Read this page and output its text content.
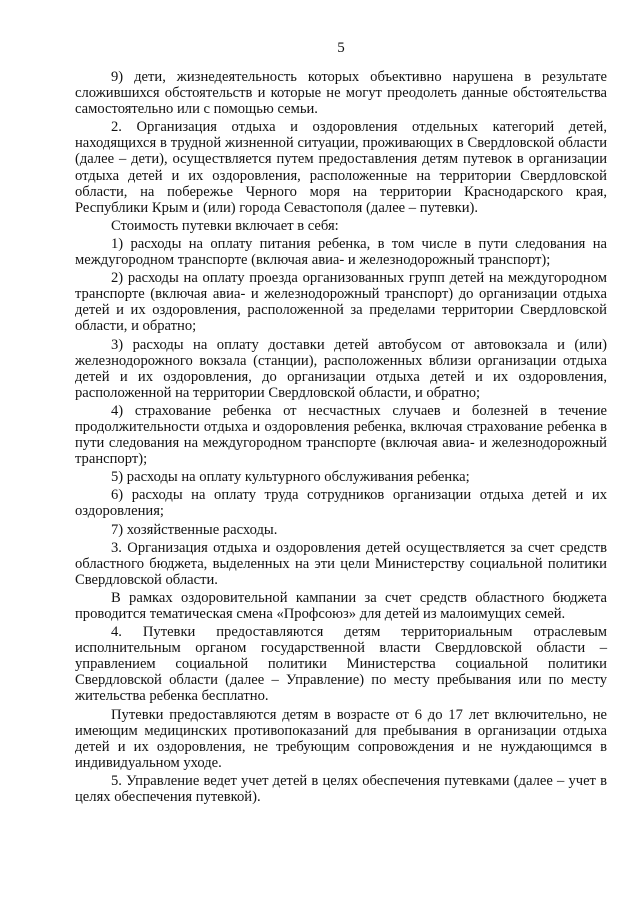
5

9) дети, жизнедеятельность которых объективно нарушена в результате сложившихся обстоятельств и которые не могут преодолеть данные обстоятельства самостоятельно или с помощью семьи.

2. Организация отдыха и оздоровления отдельных категорий детей, находящихся в трудной жизненной ситуации, проживающих в Свердловской области (далее – дети), осуществляется путем предоставления детям путевок в организации отдыха детей и их оздоровления, расположенные на территории Свердловской области, на побережье Черного моря на территории Краснодарского края, Республики Крым и (или) города Севастополя (далее – путевки).

Стоимость путевки включает в себя:

1) расходы на оплату питания ребенка, в том числе в пути следования на междугородном транспорте (включая авиа- и железнодорожный транспорт);

2) расходы на оплату проезда организованных групп детей на междугородном транспорте (включая авиа- и железнодорожный транспорт) до организации отдыха детей и их оздоровления, расположенной за пределами территории Свердловской области, и обратно;

3) расходы на оплату доставки детей автобусом от автовокзала и (или) железнодорожного вокзала (станции), расположенных вблизи организации отдыха детей и их оздоровления, до организации отдыха детей и их оздоровления, расположенной на территории Свердловской области, и обратно;

4) страхование ребенка от несчастных случаев и болезней в течение продолжительности отдыха и оздоровления ребенка, включая страхование ребенка в пути следования на междугородном транспорте (включая авиа- и железнодорожный транспорт);

5) расходы на оплату культурного обслуживания ребенка;

6) расходы на оплату труда сотрудников организации отдыха детей и их оздоровления;

7) хозяйственные расходы.

3. Организация отдыха и оздоровления детей осуществляется за счет средств областного бюджета, выделенных на эти цели Министерству социальной политики Свердловской области.

В рамках оздоровительной кампании за счет средств областного бюджета проводится тематическая смена «Профсоюз» для детей из малоимущих семей.

4. Путевки предоставляются детям территориальным отраслевым исполнительным органом государственной власти Свердловской области – управлением социальной политики Министерства социальной политики Свердловской области (далее – Управление) по месту пребывания или по месту жительства ребенка бесплатно.

Путевки предоставляются детям в возрасте от 6 до 17 лет включительно, не имеющим медицинских противопоказаний для пребывания в организации отдыха детей и их оздоровления, не требующим сопровождения и не нуждающимся в индивидуальном уходе.

5. Управление ведет учет детей в целях обеспечения путевками (далее – учет в целях обеспечения путевкой).
